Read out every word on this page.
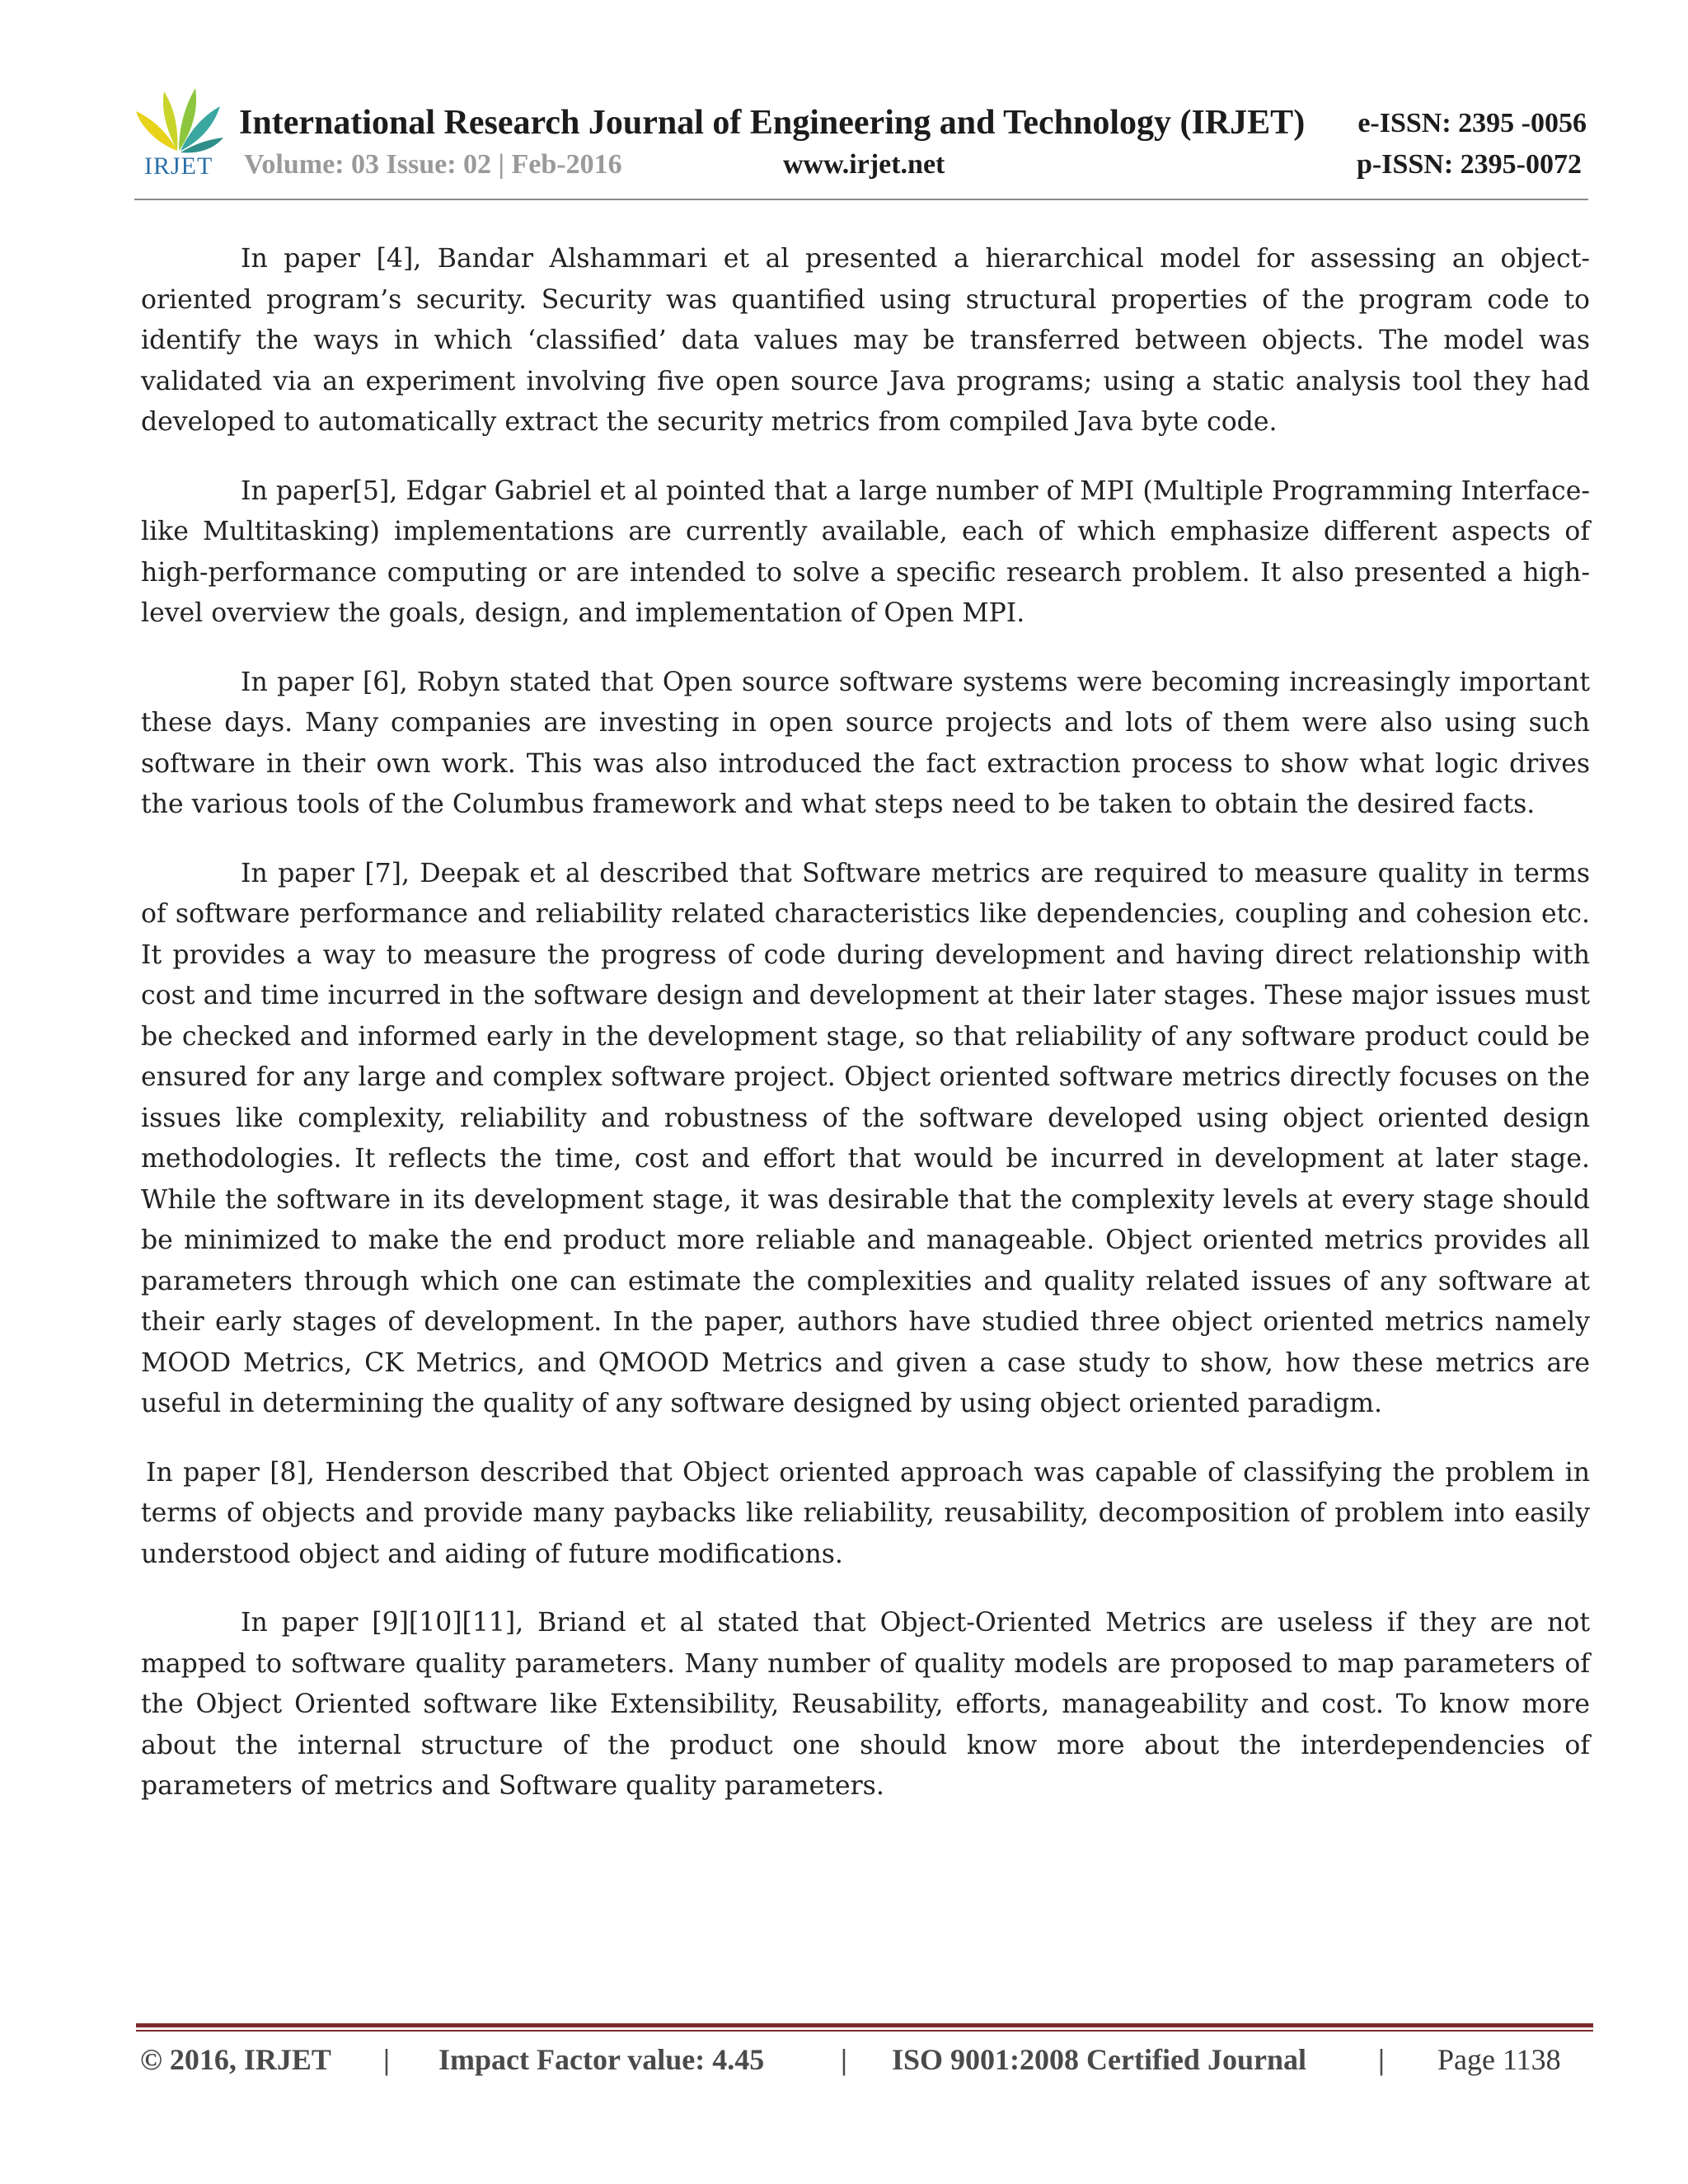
IRJET
International Research Journal of Engineering and Technology (IRJET) e-ISSN: 2395 -0056
Volume: 03 Issue: 02 | Feb-2016	www.irjet.net	p-ISSN: 2395-0072

In paper [4], Bandar Alshammari et al presented a hierarchical model for assessing an object-oriented program’s security. Security was quantified using structural properties of the program code to identify the ways in which ‘classified’ data values may be transferred between objects. The model was validated via an experiment involving five open source Java programs; using a static analysis tool they had developed to automatically extract the security metrics from compiled Java byte code.

In paper[5], Edgar Gabriel et al pointed that a large number of MPI (Multiple Programming Interface-like Multitasking) implementations are currently available, each of which emphasize different aspects of high-performance computing or are intended to solve a specific research problem. It also presented a high-level overview the goals, design, and implementation of Open MPI.

In paper [6], Robyn stated that Open source software systems were becoming increasingly important these days. Many companies are investing in open source projects and lots of them were also using such software in their own work. This was also introduced the fact extraction process to show what logic drives the various tools of the Columbus framework and what steps need to be taken to obtain the desired facts.

In paper [7], Deepak et al described that Software metrics are required to measure quality in terms of software performance and reliability related characteristics like dependencies, coupling and cohesion etc. It provides a way to measure the progress of code during development and having direct relationship with cost and time incurred in the software design and development at their later stages. These major issues must be checked and informed early in the development stage, so that reliability of any software product could be ensured for any large and complex software project. Object oriented software metrics directly focuses on the issues like complexity, reliability and robustness of the software developed using object oriented design methodologies. It reflects the time, cost and effort that would be incurred in development at later stage. While the software in its development stage, it was desirable that the complexity levels at every stage should be minimized to make the end product more reliable and manageable. Object oriented metrics provides all parameters through which one can estimate the complexities and quality related issues of any software at their early stages of development. In the paper, authors have studied three object oriented metrics namely MOOD Metrics, CK Metrics, and QMOOD Metrics and given a case study to show, how these metrics are useful in determining the quality of any software designed by using object oriented paradigm.

In paper [8], Henderson described that Object oriented approach was capable of classifying the problem in terms of objects and provide many paybacks like reliability, reusability, decomposition of problem into easily understood object and aiding of future modifications.

In paper [9][10][11], Briand et al stated that Object-Oriented Metrics are useless if they are not mapped to software quality parameters. Many number of quality models are proposed to map parameters of the Object Oriented software like Extensibility, Reusability, efforts, manageability and cost. To know more about the internal structure of the product one should know more about the interdependencies of parameters of metrics and Software quality parameters.

© 2016, IRJET | Impact Factor value: 4.45	| ISO 9001:2008 Certified Journal | Page 1138
